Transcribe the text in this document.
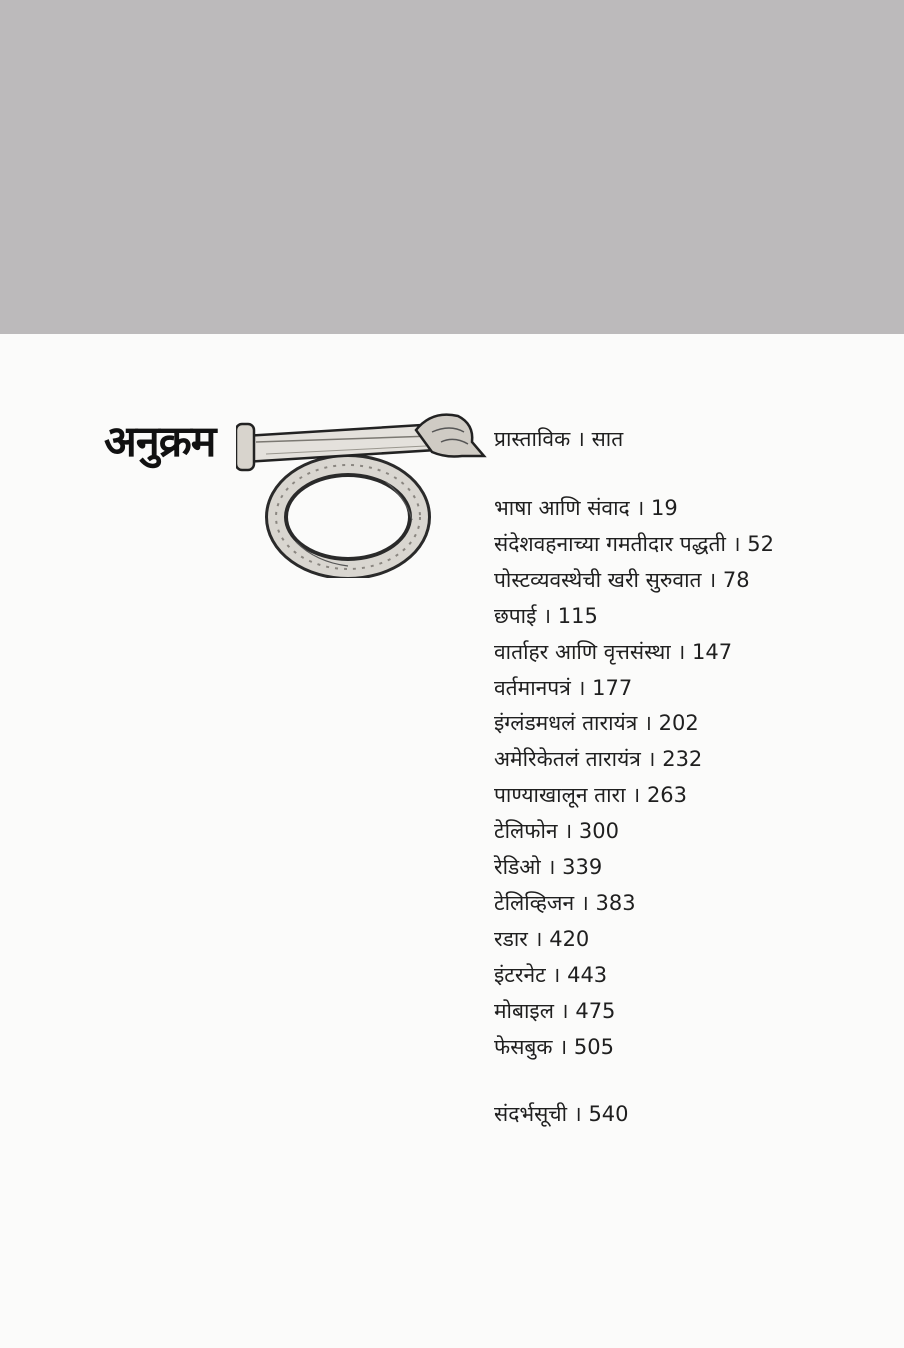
अनुक्रम	प्रास्ताविक । सात
भाषा आणि संवाद । 19
संदेशवहनाच्या गमतीदार पद्धती । 52
पोस्टव्यवस्थेची खरी सुरुवात । 78
छपाई । 115
वार्ताहर आणि वृत्तसंस्था । 147
वर्तमानपत्रं । 177
इंग्लंडमधलं तारायंत्र । 202
अमेरिकेतलं तारायंत्र । 232
पाण्याखालून तारा । 263
टेलिफोन । 300
रेडिओ । 339
टेलिव्हिजन । 383
रडार । 420
इंटरनेट । 443
मोबाइल । 475
फेसबुक । 505
संदर्भसूची । 540
